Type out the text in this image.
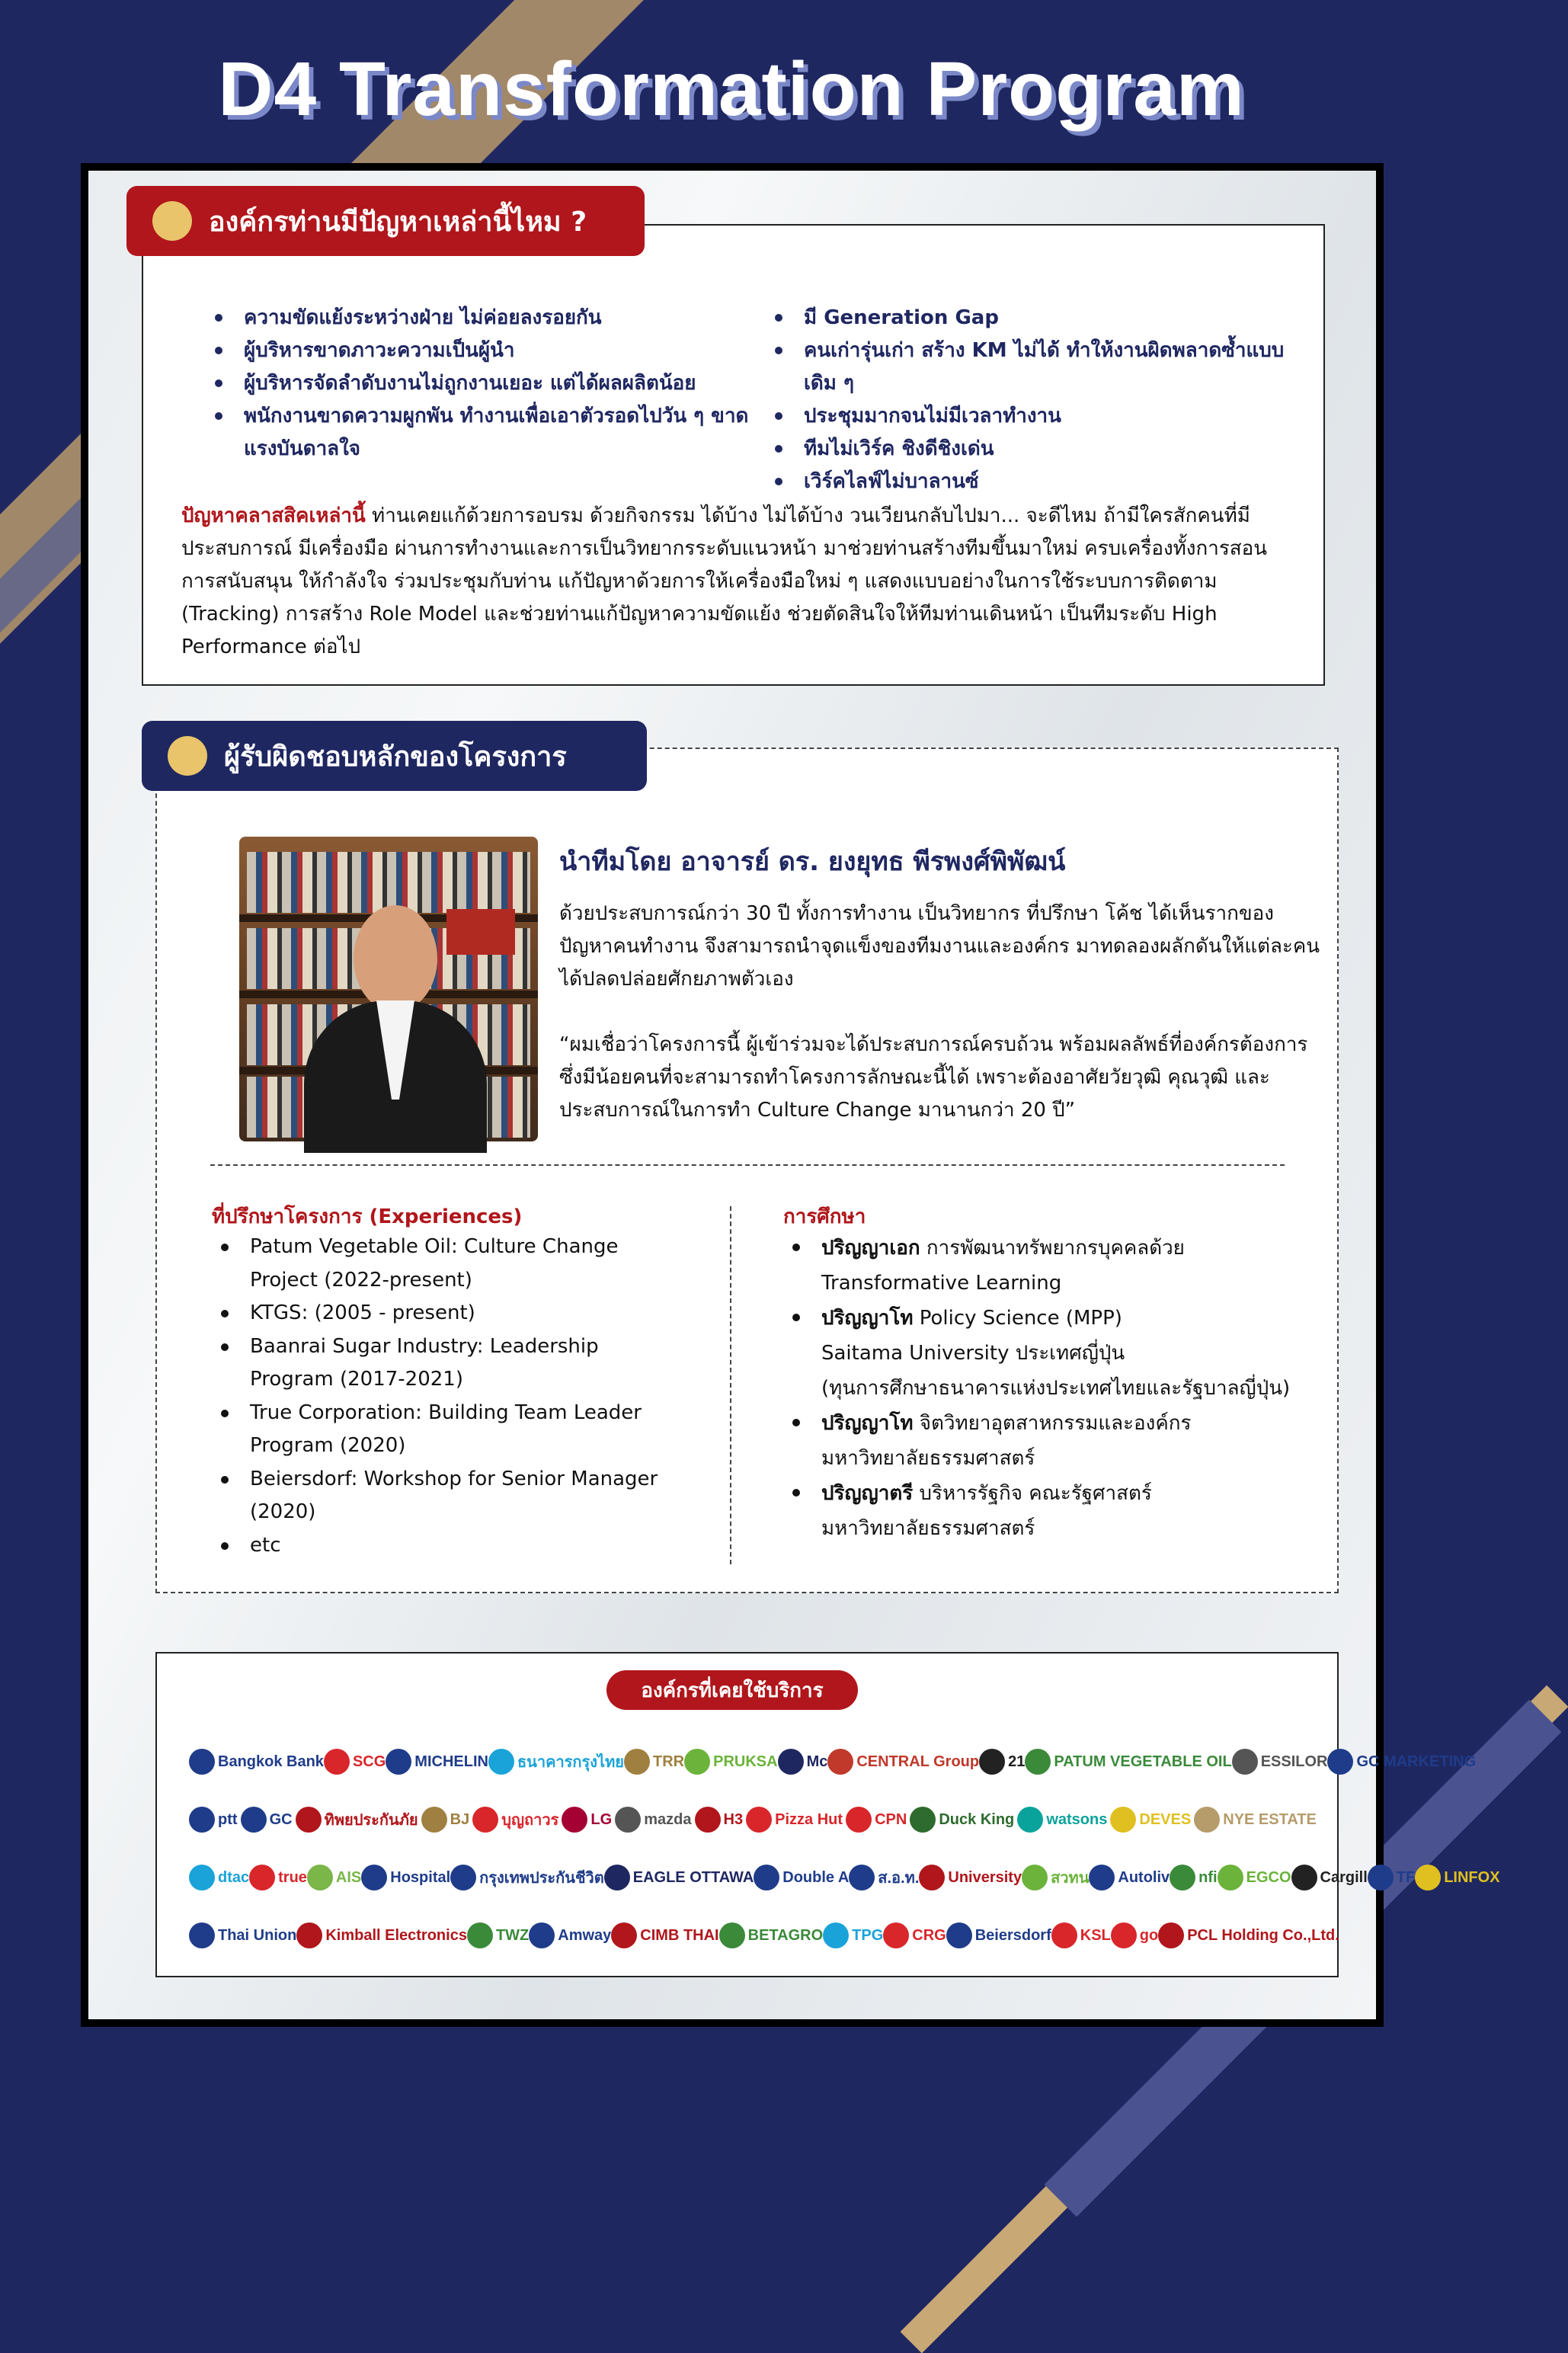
D4 Transformation Program
ความขัดแย้งระหว่างฝ่าย ไม่ค่อยลงรอยกัน
ผู้บริหารขาดภาวะความเป็นผู้นำ
ผู้บริหารจัดลำดับงานไม่ถูกงานเยอะ แต่ได้ผลผลิตน้อย
พนักงานขาดความผูกพัน ทำงานเพื่อเอาตัวรอดไปวัน ๆ ขาดแรงบันดาลใจ
มี Generation Gap
คนเก่ารุ่นเก่า สร้าง KM ไม่ได้ ทำให้งานผิดพลาดซ้ำแบบเดิม ๆ
ประชุมมากจนไม่มีเวลาทำงาน
ทีมไม่เวิร์ค ชิงดีชิงเด่น
เวิร์คไลฟ์ไม่บาลานซ์

ปัญหาคลาสสิคเหล่านี้ ท่านเคยแก้ด้วยการอบรม ด้วยกิจกรรม ได้บ้าง ไม่ได้บ้าง วนเวียนกลับไปมา... จะดีไหม ถ้ามีใครสักคนที่มีประสบการณ์ มีเครื่องมือ ผ่านการทำงานและการเป็นวิทยากรระดับแนวหน้า มาช่วยท่านสร้างทีมขึ้นมาใหม่ ครบเครื่องทั้งการสอน การสนับสนุน ให้กำลังใจ ร่วมประชุมกับท่าน แก้ปัญหาด้วยการให้เครื่องมือใหม่ ๆ แสดงแบบอย่างในการใช้ระบบการติดตาม (Tracking) การสร้าง Role Model และช่วยท่านแก้ปัญหาความขัดแย้ง ช่วยตัดสินใจให้ทีมท่านเดินหน้า เป็นทีมระดับ High Performance ต่อไป

องค์กรท่านมีปัญหาเหล่านี้ไหม ?
นำทีมโดย อาจารย์ ดร. ยงยุทธ พีรพงศ์พิพัฒน์

ด้วยประสบการณ์กว่า 30 ปี ทั้งการทำงาน เป็นวิทยากร ที่ปรึกษา โค้ช ได้เห็นรากของปัญหาคนทำงาน จึงสามารถนำจุดแข็งของทีมงานและองค์กร มาทดลองผลักดันให้แต่ละคนได้ปลดปล่อยศักยภาพตัวเอง

“ผมเชื่อว่าโครงการนี้ ผู้เข้าร่วมจะได้ประสบการณ์ครบถ้วน พร้อมผลลัพธ์ที่องค์กรต้องการ ซึ่งมีน้อยคนที่จะสามารถทำโครงการลักษณะนี้ได้ เพราะต้องอาศัยวัยวุฒิ คุณวุฒิ และประสบการณ์ในการทำ Culture Change มานานกว่า 20 ปี”

ที่ปรึกษาโครงการ (Experiences)
Patum Vegetable Oil: Culture Change Project (2022-present)
KTGS: (2005 - present)
Baanrai Sugar Industry: Leadership Program (2017-2021)
True Corporation: Building Team Leader Program (2020)
Beiersdorf: Workshop for Senior Manager (2020)
etc
การศึกษา
ปริญญาเอก การพัฒนาทรัพยากรบุคคลด้วย
Transformative Learning
ปริญญาโท Policy Science (MPP)
Saitama University ประเทศญี่ปุ่น
(ทุนการศึกษาธนาคารแห่งประเทศไทยและรัฐบาลญี่ปุ่น)
ปริญญาโท จิตวิทยาอุตสาหกรรมและองค์กร
มหาวิทยาลัยธรรมศาสตร์
ปริญญาตรี บริหารรัฐกิจ คณะรัฐศาสตร์
มหาวิทยาลัยธรรมศาสตร์
ผู้รับผิดชอบหลักของโครงการ
องค์กรที่เคยใช้บริการ
Bangkok Bank SCG MICHELIN ธนาคารกรุงไทย TRR PRUKSA Mc CENTRAL Group 21 PATUM VEGETABLE OIL ESSILOR GC MARKETING
ptt GC ทิพยประกันภัย BJ บุญถาวร LG mazda H3 Pizza Hut CPN Duck King watsons DEVES NYE ESTATE
dtac true AIS Hospital กรุงเทพประกันชีวิต EAGLE OTTAWA Double A ส.อ.ท. University สวทน Autoliv nfi EGCO Cargill TF LINFOX
Thai Union Kimball Electronics TWZ Amway CIMB THAI BETAGRO TPG CRG Beiersdorf KSL go PCL Holding Co.,Ltd.
